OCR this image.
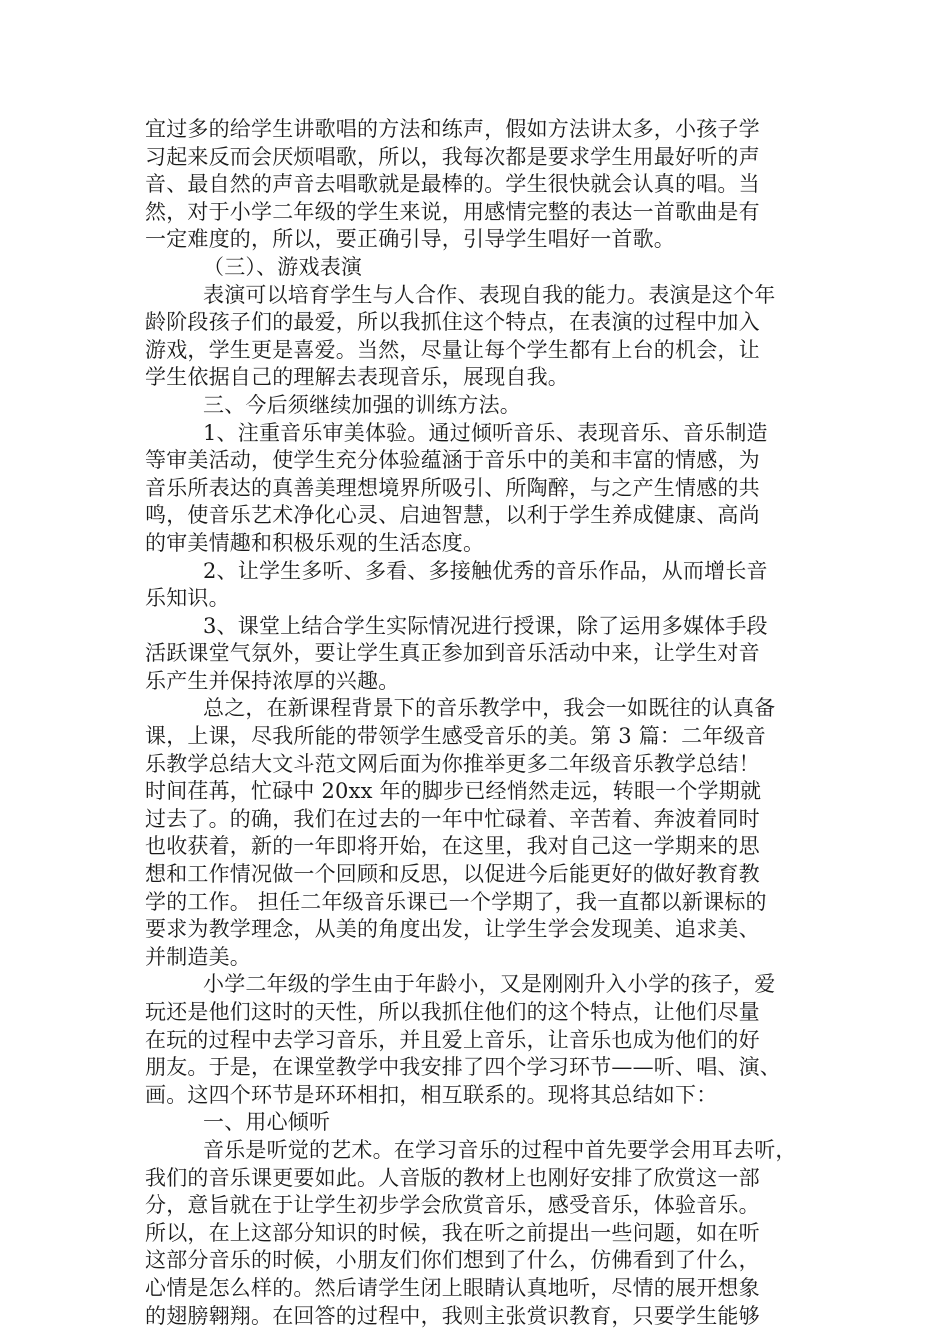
宜过多的给学生讲歌唱的方法和练声，假如方法讲太多，小孩子学
习起来反而会厌烦唱歌，所以，我每次都是要求学生用最好听的声
音、最自然的声音去唱歌就是最棒的。学生很快就会认真的唱。当
然，对于小学二年级的学生来说，用感情完整的表达一首歌曲是有
一定难度的，所以，要正确引导，引导学生唱好一首歌。
（三）、游戏表演
表演可以培育学生与人合作、表现自我的能力。表演是这个年
龄阶段孩子们的最爱，所以我抓住这个特点，在表演的过程中加入
游戏，学生更是喜爱。当然，尽量让每个学生都有上台的机会，让
学生依据自己的理解去表现音乐，展现自我。
三、今后须继续加强的训练方法。
1、注重音乐审美体验。通过倾听音乐、表现音乐、音乐制造
等审美活动，使学生充分体验蕴涵于音乐中的美和丰富的情感，为
音乐所表达的真善美理想境界所吸引、所陶醉，与之产生情感的共
鸣，使音乐艺术净化心灵、启迪智慧，以利于学生养成健康、高尚
的审美情趣和积极乐观的生活态度。
2、让学生多听、多看、多接触优秀的音乐作品，从而增长音
乐知识。
3、课堂上结合学生实际情况进行授课，除了运用多媒体手段
活跃课堂气氛外，要让学生真正参加到音乐活动中来，让学生对音
乐产生并保持浓厚的兴趣。
总之，在新课程背景下的音乐教学中，我会一如既往的认真备
课，上课，尽我所能的带领学生感受音乐的美。第 3 篇：二年级音
乐教学总结大文斗范文网后面为你推举更多二年级音乐教学总结！
时间荏苒，忙碌中 20xx 年的脚步已经悄然走远，转眼一个学期就
过去了。的确，我们在过去的一年中忙碌着、辛苦着、奔波着同时
也收获着，新的一年即将开始，在这里，我对自己这一学期来的思
想和工作情况做一个回顾和反思，以促进今后能更好的做好教育教
学的工作。 担任二年级音乐课已一个学期了，我一直都以新课标的
要求为教学理念，从美的角度出发，让学生学会发现美、追求美、
并制造美。
小学二年级的学生由于年龄小，又是刚刚升入小学的孩子，爱
玩还是他们这时的天性，所以我抓住他们的这个特点，让他们尽量
在玩的过程中去学习音乐，并且爱上音乐，让音乐也成为他们的好
朋友。于是，在课堂教学中我安排了四个学习环节——听、唱、演、
画。这四个环节是环环相扣，相互联系的。现将其总结如下：
一、用心倾听
音乐是听觉的艺术。在学习音乐的过程中首先要学会用耳去听，
我们的音乐课更要如此。人音版的教材上也刚好安排了欣赏这一部
分，意旨就在于让学生初步学会欣赏音乐，感受音乐，体验音乐。
所以，在上这部分知识的时候，我在听之前提出一些问题，如在听
这部分音乐的时候，小朋友们你们想到了什么，仿佛看到了什么，
心情是怎么样的。然后请学生闭上眼睛认真地听，尽情的展开想象
的翅膀翱翔。在回答的过程中，我则主张赏识教育，只要学生能够
